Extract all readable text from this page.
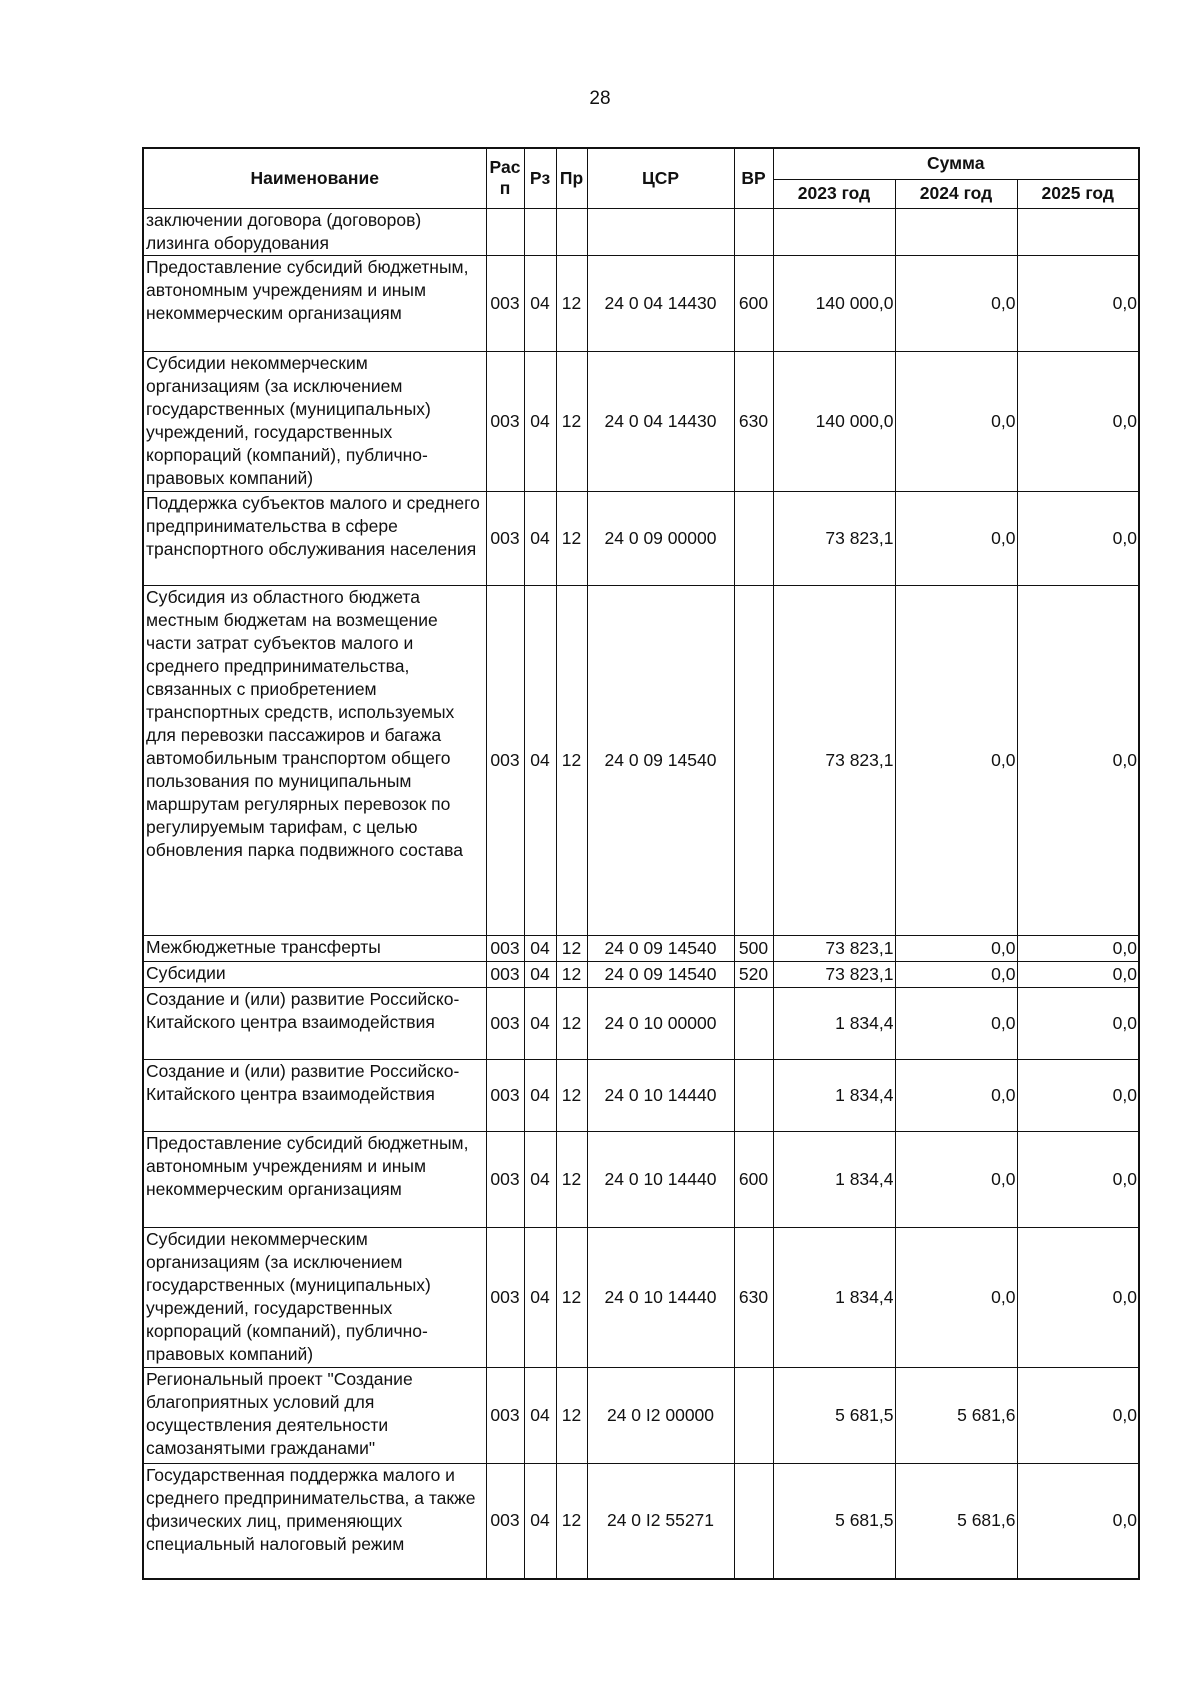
28
Наименование	Рас п	Рз	Пр	ЦСР	ВР	Сумма		
						2023 год	2024 год	2025 год
заключении договора (договоров) лизинга оборудования								
Предоставление субсидий бюджетным, автономным учреждениям и иным некоммерческим организациям	003	04	12	24 0 04 14430	600	140 000,0	0,0	0,0
Субсидии некоммерческим организациям (за исключением государственных (муниципальных) учреждений, государственных корпораций (компаний), публично-правовых компаний)	003	04	12	24 0 04 14430	630	140 000,0	0,0	0,0
Поддержка субъектов малого и среднего предпринимательства в сфере транспортного обслуживания населения	003	04	12	24 0 09 00000		73 823,1	0,0	0,0
Субсидия из областного бюджета местным бюджетам на возмещение части затрат субъектов малого и среднего предпринимательства, связанных с приобретением транспортных средств, используемых для перевозки пассажиров и багажа автомобильным транспортом общего пользования по муниципальным маршрутам регулярных перевозок по регулируемым тарифам, с целью обновления парка подвижного состава	003	04	12	24 0 09 14540		73 823,1	0,0	0,0
Межбюджетные трансферты	003	04	12	24 0 09 14540	500	73 823,1	0,0	0,0
Субсидии	003	04	12	24 0 09 14540	520	73 823,1	0,0	0,0
Создание и (или) развитие Российско-Китайского центра взаимодействия	003	04	12	24 0 10 00000		1 834,4	0,0	0,0
Создание и (или) развитие Российско-Китайского центра взаимодействия	003	04	12	24 0 10 14440		1 834,4	0,0	0,0
Предоставление субсидий бюджетным, автономным учреждениям и иным некоммерческим организациям	003	04	12	24 0 10 14440	600	1 834,4	0,0	0,0
Субсидии некоммерческим организациям (за исключением государственных (муниципальных) учреждений, государственных корпораций (компаний), публично-правовых компаний)	003	04	12	24 0 10 14440	630	1 834,4	0,0	0,0
Региональный проект "Создание благоприятных условий для осуществления деятельности самозанятыми гражданами"	003	04	12	24 0 I2 00000		5 681,5	5 681,6	0,0
Государственная поддержка малого и среднего предпринимательства, а также физических лиц, применяющих специальный налоговый режим	003	04	12	24 0 I2 55271		5 681,5	5 681,6	0,0
